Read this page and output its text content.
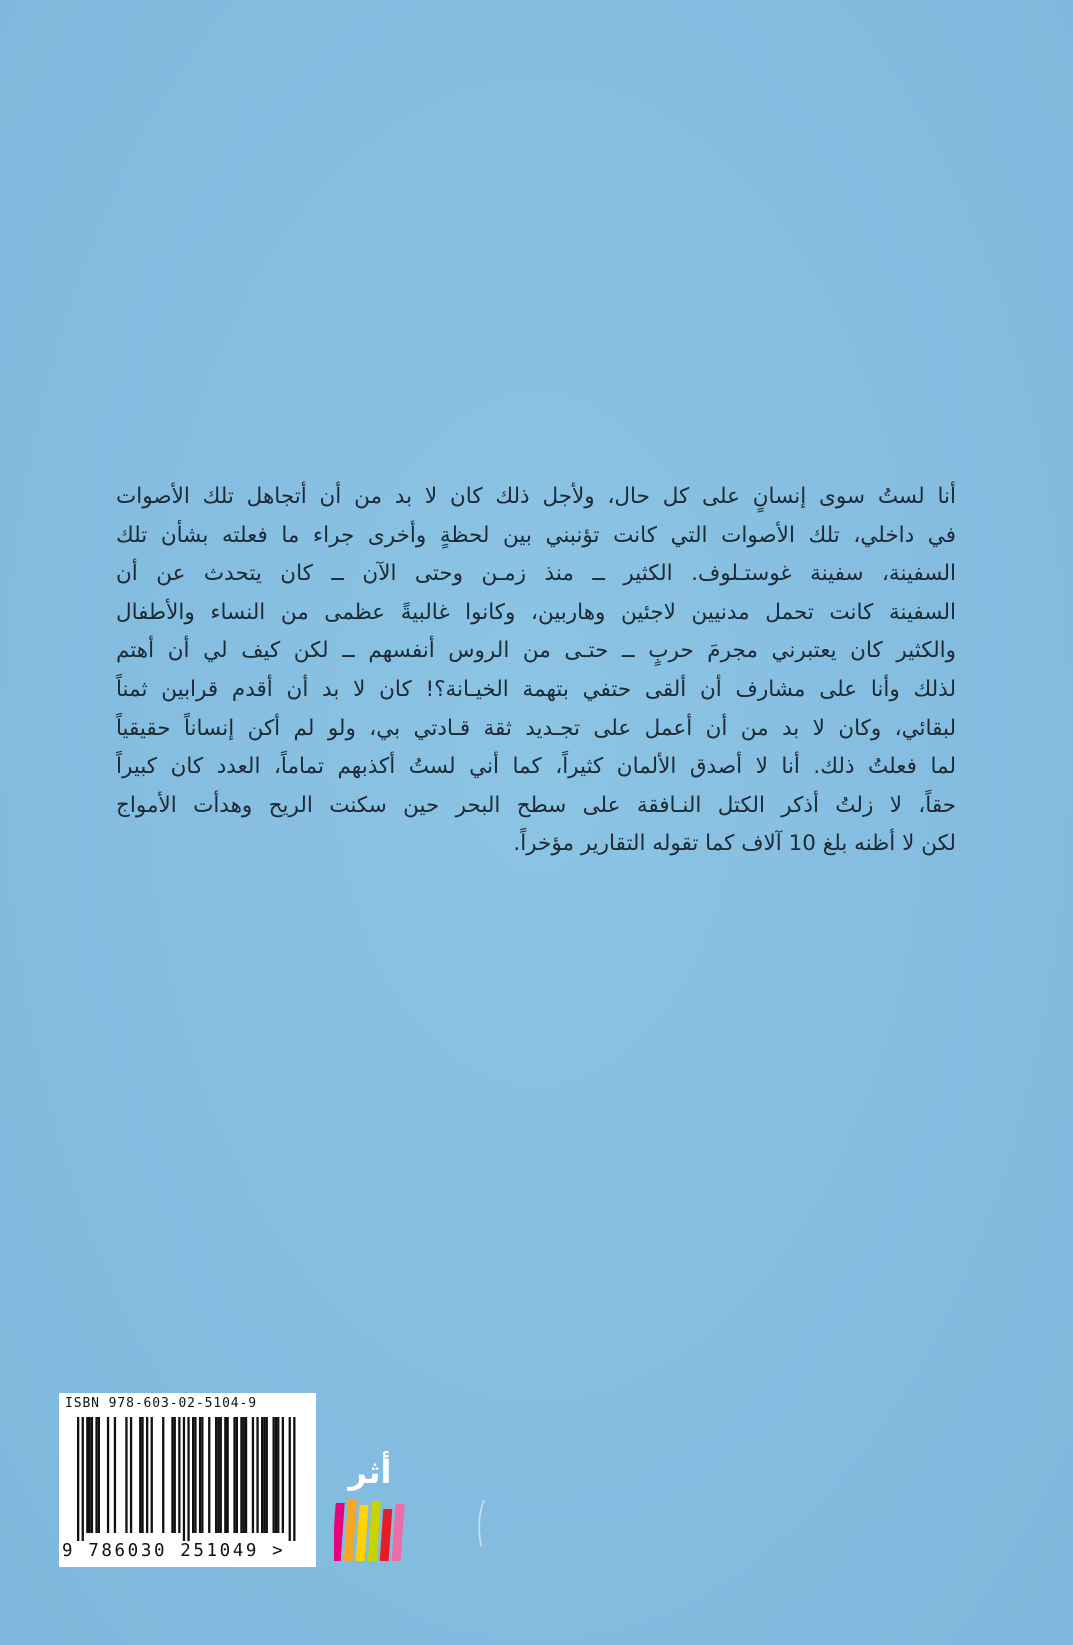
أنا لستُ سوى إنسانٍ على كل حال، ولأجل ذلك كان لا بد من أن أتجاهل تلك الأصوات

في داخلي، تلك الأصوات التي كانت تؤنبني بين لحظةٍ وأخرى جراء ما فعلته بشأن تلك

السفينة، سفينة غوستـلوف. الكثير ــ منذ زمـن وحتى الآن ــ كان يتحدث عن أن

السفينة كانت تحمل مدنيين لاجئين وهاربين، وكانوا غالبيةً عظمى من النساء والأطفال

والكثير كان يعتبرني مجرمَ حربٍ ــ حتـى من الروس أنفسهم ــ لكن كيف لي أن أهتم

لذلك وأنا على مشارف أن ألقى حتفي بتهمة الخيـانة؟! كان لا بد أن أقدم قرابين ثمناً

لبقائي، وكان لا بد من أن أعمل على تجـديد ثقة قـادتي بي، ولو لم أكن إنساناً حقيقياً

لما فعلتُ ذلك. أنا لا أصدق الألمان كثيراً، كما أني لستُ أكذبهم تماماً، العدد كان كبيراً

حقاً، لا زلتُ أذكر الكتل النـافقة على سطح البحر حين سكنت الريح وهدأت الأمواج

لكن لا أظنه بلغ 10 آلاف كما تقوله التقارير مؤخراً.

ISBN 978-603-02-5104-9
9 786030 251049 >
أثر
